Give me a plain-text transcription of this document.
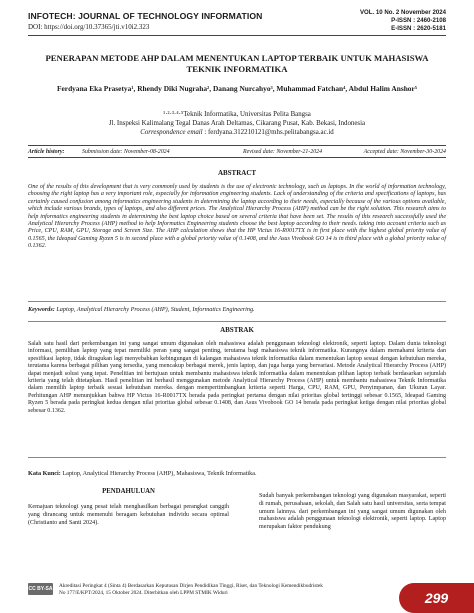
INFOTECH: JOURNAL OF TECHNOLOGY INFORMATION
DOI: https://doi.org/10.37365/jti.v10i2.323
VOL. 10 No. 2 November 2024
P-ISSN : 2460-2108
E-ISSN : 2620-5181
PENERAPAN METODE AHP DALAM MENENTUKAN LAPTOP TERBAIK UNTUK MAHASISWA TEKNIK INFORMATIKA
Ferdyana Eka Prasetya¹, Rhendy Diki Nugraha², Danang Nurcahyo³, Muhammad Fatchan⁴, Abdul Halim Anshor⁵
¹·²·³·⁴·⁵Teknik Informatika, Universitas Pelita Bangsa
Jl. Inspeksi Kalimalang Tegal Danas Arah Deltamas, Cikarang Pusat, Kab. Bekasi, Indonesia
Correspondence email : ferdyana.312210121@mhs.pelitabangsa.ac.id
Article history:	Submission date: November-08-2024	Revised date: November-21-2024	Accepted date: November-30-2024
ABSTRACT
One of the results of this development that is very commonly used by students is the use of electronic technology, such as laptops. In the world of information technology, choosing the right laptop has a very important role, especially for information engineering students. Lack of understanding of the criteria and specifications of laptops, has certainly caused confusion among informatics engineering students in determining the laptop according to their needs, especially because of the various options available, which include various brands, types of laptops, and also different prices. The Analytical Hierarchy Process (AHP) method can be the right solution. This research aims to help informatics engineering students in determining the best laptop choice based on several criteria that have been set. The results of this research successfully used the Analytical Hierarchy Process (AHP) method to help Informatics Engineering students choose the best laptop according to their needs. taking into account criteria such as Price, CPU, RAM, GPU, Storage and Screen Size. The AHP calculation shows that the HP Victus 16-R0017TX is in first place with the highest global priority value of 0.1565, the Ideapad Gaming Ryzen 5 is in second place with a global priority value of 0.1408, and the Asus Vivobook GO 14 is in third place with a global priority value of 0.1362.
Keywords: Laptop, Analytical Hierarchy Process (AHP), Student, Informatics Engineering.
ABSTRAK
Salah satu hasil dari perkembangan ini yang sangat umum digunakan oleh mahasiswa adalah penggunaan teknologi elektronik, seperti laptop. Dalam dunia teknologi informasi, pemilihan laptop yang tepat memiliki peran yang sangat penting, terutama bagi mahasiswa teknik informatika. Kurangnya dalam memahami kriteria dan spesifikasi laptop, tidak diragukan lagi menyebabkan kebingungan di kalangan mahasiswa teknik informatika dalam menentukan laptop sesuai dengan kebutuhan mereka, terutama karena berbagai pilihan yang tersedia, yang mencakup berbagai merek, jenis laptop, dan juga harga yang bervariasi. Metode Analytical Hierarchy Process (AHP) dapat menjadi solusi yang tepat. Penelitian ini bertujuan untuk membantu mahasiswa teknik informatika dalam menentukan pilihan laptop terbaik berdasarkan sejumlah kriteria yang telah ditetapkan. Hasil penelitian ini berhasil menggunakan metode Analytical Hierarchy Process (AHP) untuk membantu mahasiswa Teknik Informatika dalam memilih laptop terbaik sesuai kebutuhan mereka. dengan mempertimbangkan kriteria seperti Harga, CPU, RAM, GPU, Penyimpanan, dan Ukuran Layar. Perhitungan AHP menunjukkan bahwa HP Victus 16-R0017TX berada pada peringkat pertama dengan nilai prioritas global tertinggi sebesar 0.1565, Ideapad Gaming Ryzen 5 berada pada peringkat kedua dengan nilai prioritas global sebesar 0.1408, dan Asus Vivobook GO 14 berada pada peringkat ketiga dengan nilai prioritas global sebesar 0.1362.
Kata Kunci: Laptop, Analytical Hierarchy Process (AHP), Mahasiswa, Teknik Informatika.
PENDAHULUAN

Kemajuan teknologi yang pesat telah menghasilkan berbagai perangkat canggih yang dirancang untuk memenuhi beragam kebutuhan individu secara optimal (Christianto and Santi 2024).

Sudah banyak perkembangan teknologi yang digunakan masyarakat, seperti di rumah, perusahaan, sekolah, dan Salah satu hasil universitas, serta tempat umum lainnya. dari perkembangan ini yang sangat umum digunakan oleh mahasiswa adalah penggunaan teknologi elektronik, seperti laptop. Laptop merupakan faktor pendukung
CC BY-SA Akreditasi Peringkat 4 (Sinta 4) Berdasarkan Keputusan Dirjen Pendidikan Tinggi, Riset, dan Teknologi Kemendikbudristek
No 177/E/KPT/2024, 15 Oktober 2024. Diterbitkan oleh LPPM STMIK Widuri	299
